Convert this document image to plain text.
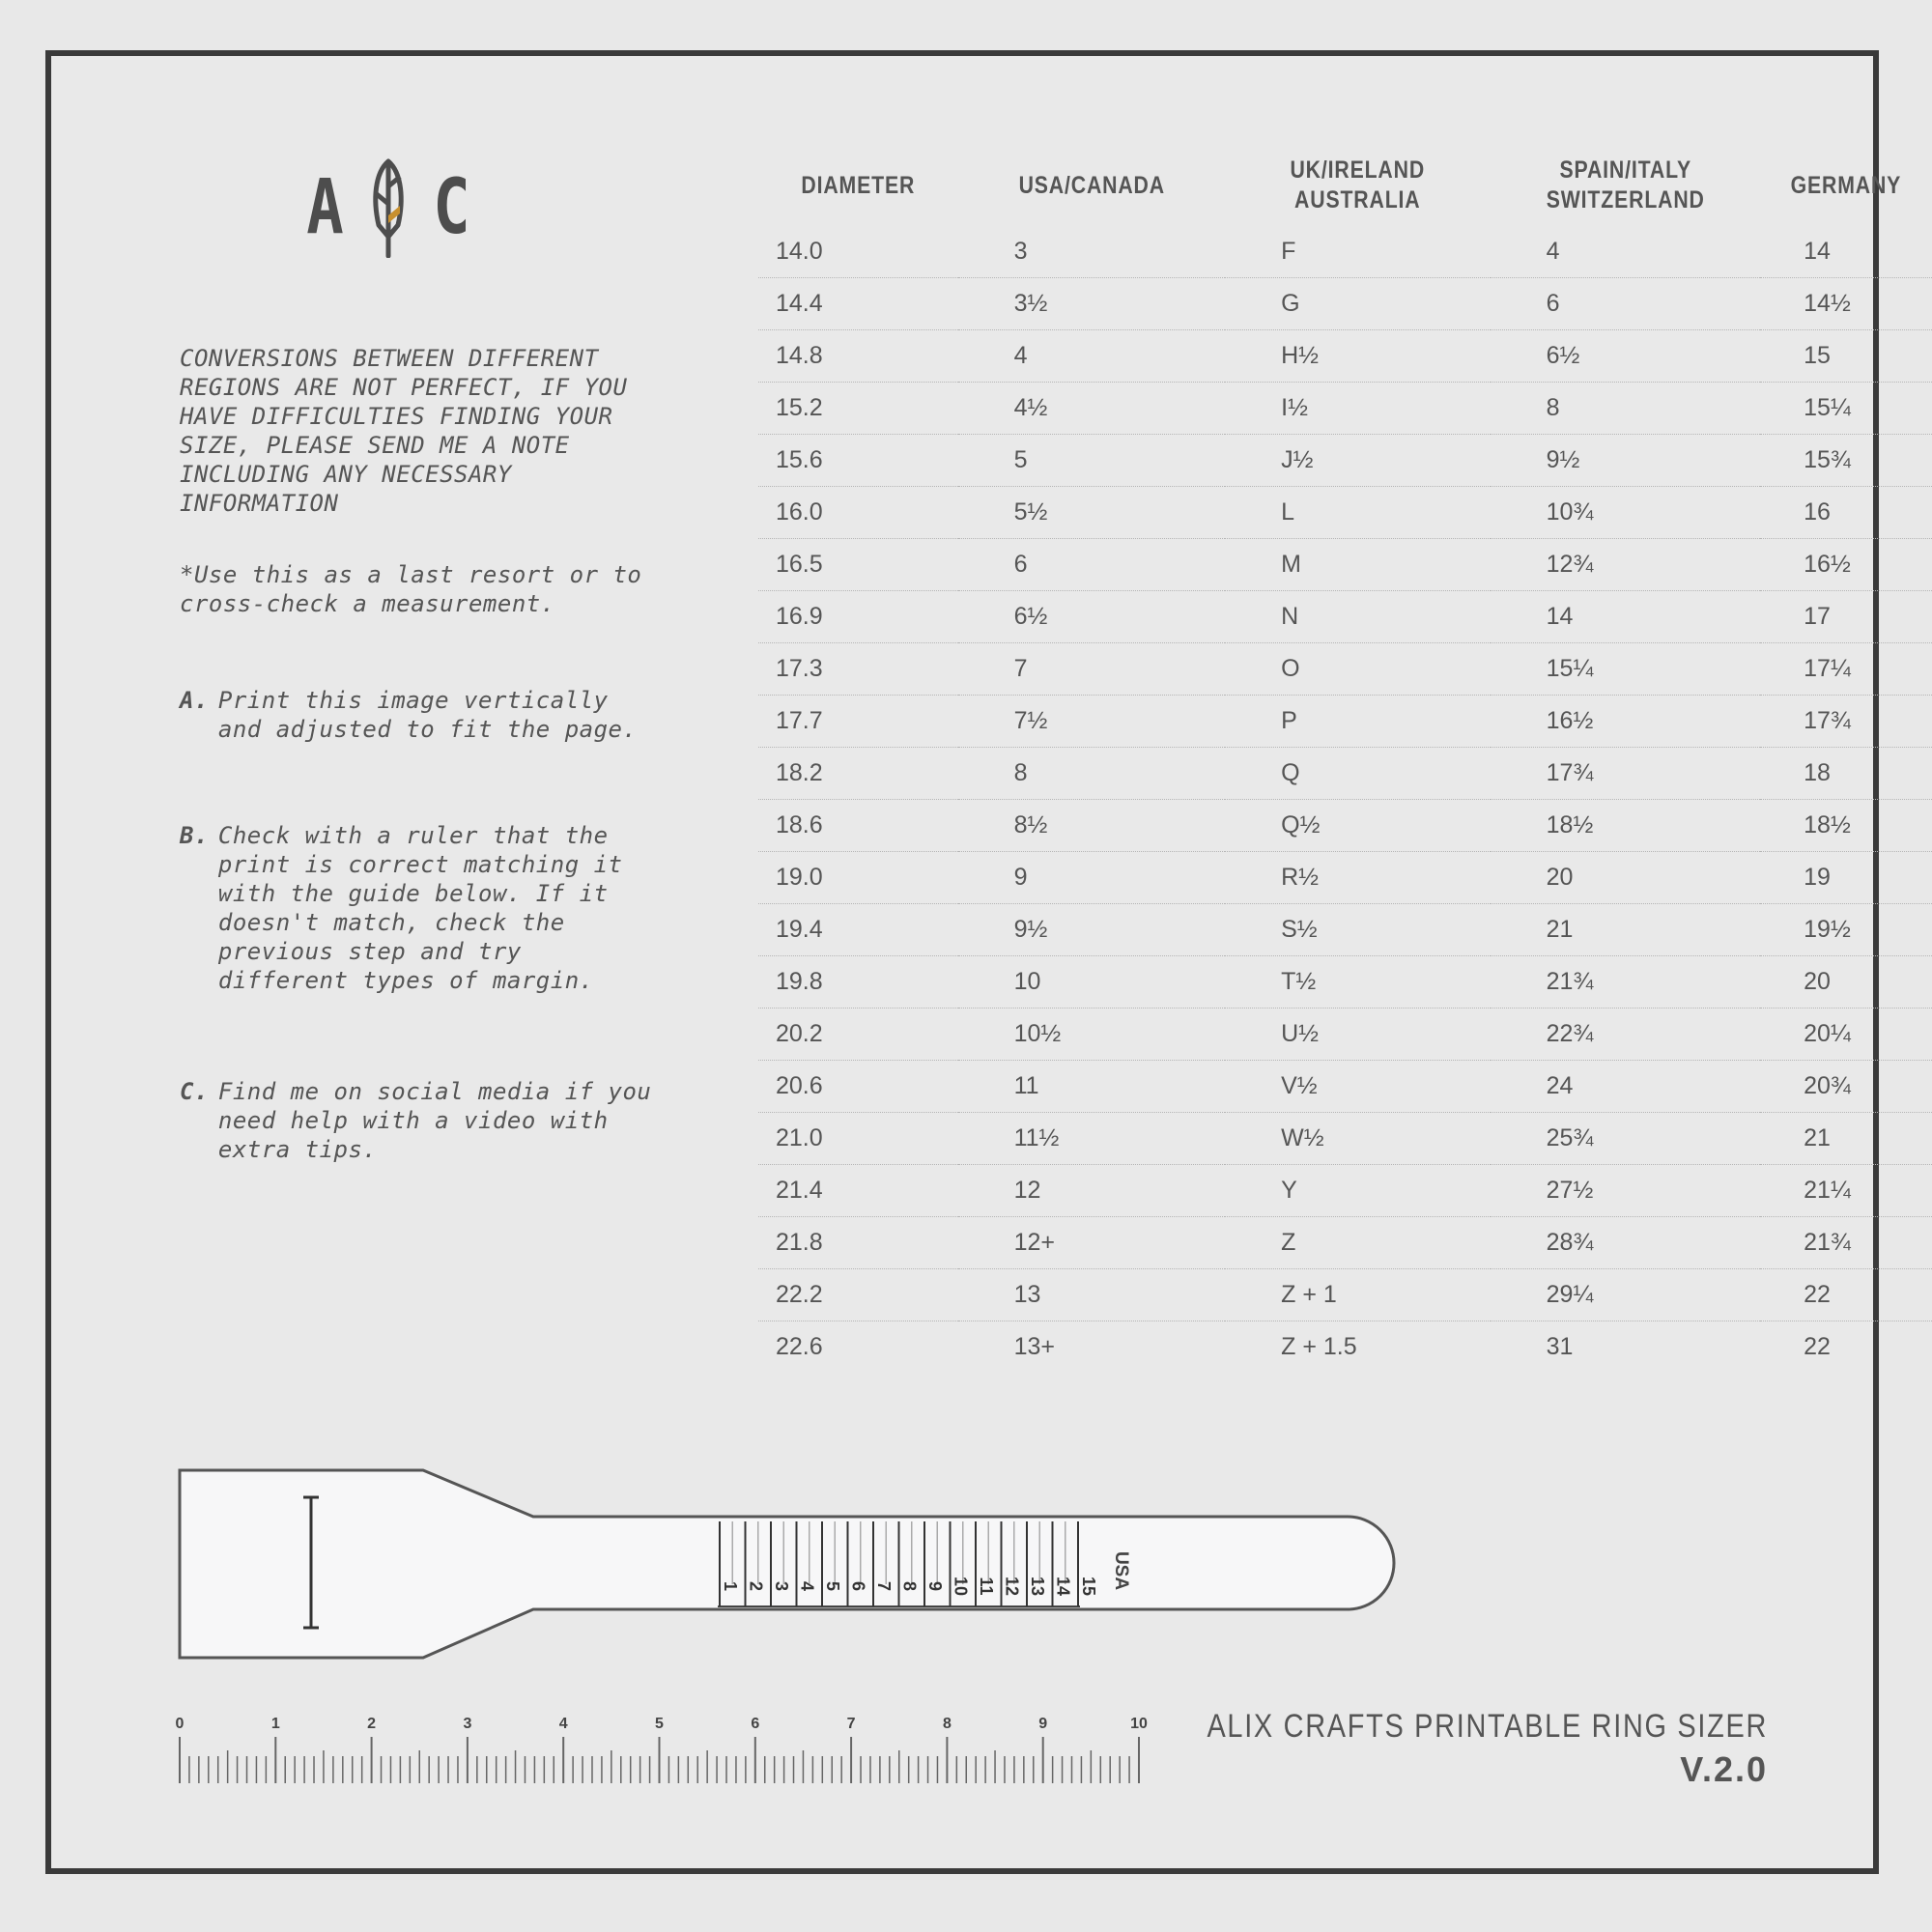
A C
CONVERSIONS BETWEEN DIFFERENT REGIONS ARE NOT PERFECT, IF YOU HAVE DIFFICULTIES FINDING YOUR SIZE, PLEASE SEND ME A NOTE INCLUDING ANY NECESSARY INFORMATION
*Use this as a last resort or to cross-check a measurement.
A. Print this image vertically and adjusted to fit the page.
B. Check with a ruler that the print is correct matching it with the guide below. If it doesn't match, check the previous step and try different types of margin.
C. Find me on social media if you need help with a video with extra tips.
DIAMETER	USA/CANADA	UK/IRELAND AUSTRALIA	SPAIN/ITALY SWITZERLAND	GERMANY
14.0	3	F	4	14
14.4	3½	G	6	14½
14.8	4	H½	6½	15
15.2	4½	I½	8	15¼
15.6	5	J½	9½	15¾
16.0	5½	L	10¾	16
16.5	6	M	12¾	16½
16.9	6½	N	14	17
17.3	7	O	15¼	17¼
17.7	7½	P	16½	17¾
18.2	8	Q	17¾	18
18.6	8½	Q½	18½	18½
19.0	9	R½	20	19
19.4	9½	S½	21	19½
19.8	10	T½	21¾	20
20.2	10½	U½	22¾	20¼
20.6	11	V½	24	20¾
21.0	11½	W½	25¾	21
21.4	12	Y	27½	21¼
21.8	12+	Z	28¾	21¾
22.2	13	Z + 1	29¼	22
22.6	13+	Z + 1.5	31	22
1 2 3 4 5 6 7 8 9 10 11 12 13 14 15 USA
0	1	2	3	4	5	6	7	8	9	10 ALIX CRAFTS PRINTABLE RING SIZER
V.2.0
